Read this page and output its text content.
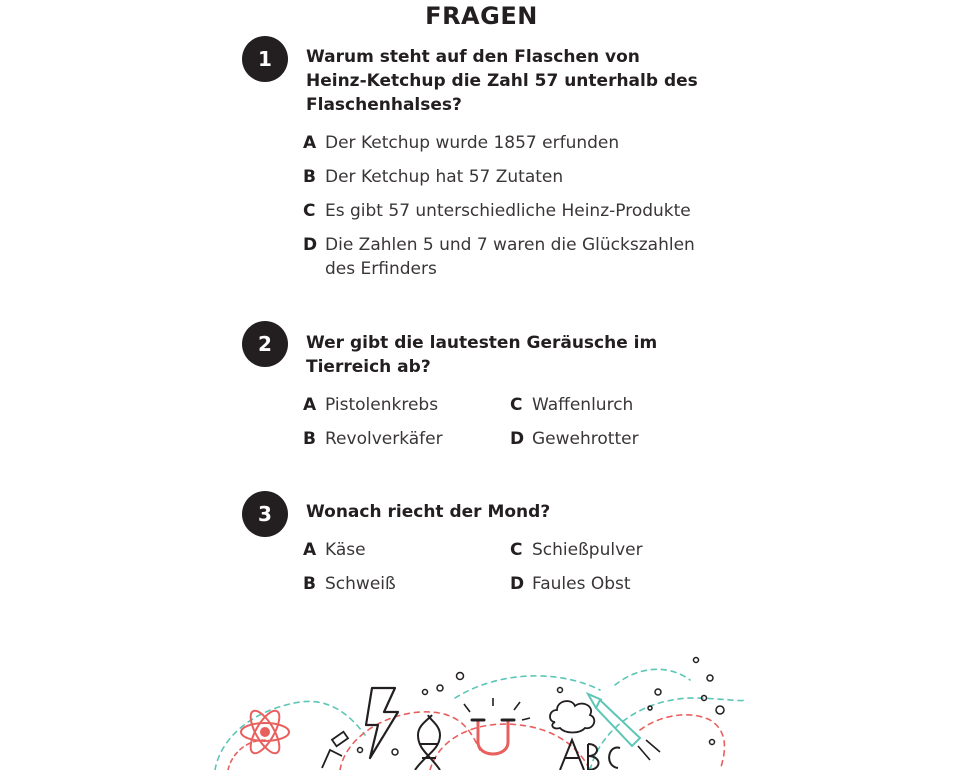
FRAGEN
1	Warum steht auf den Flaschen von Heinz-Ketchup die Zahl 57 unterhalb des Flaschenhalses?
A Der Ketchup wurde 1857 erfunden
B Der Ketchup hat 57 Zutaten
C Es gibt 57 unterschiedliche Heinz-Produkte
D Die Zahlen 5 und 7 waren die Glückszahlen des Erfinders
2	Wer gibt die lautesten Geräusche im Tierreich ab?
A Pistolenkrebs
B Revolverkäfer
C Waffenlurch
D Gewehrotter
3	Wonach riecht der Mond?
A Käse
B Schweiß
C Schießpulver
D Faules Obst
